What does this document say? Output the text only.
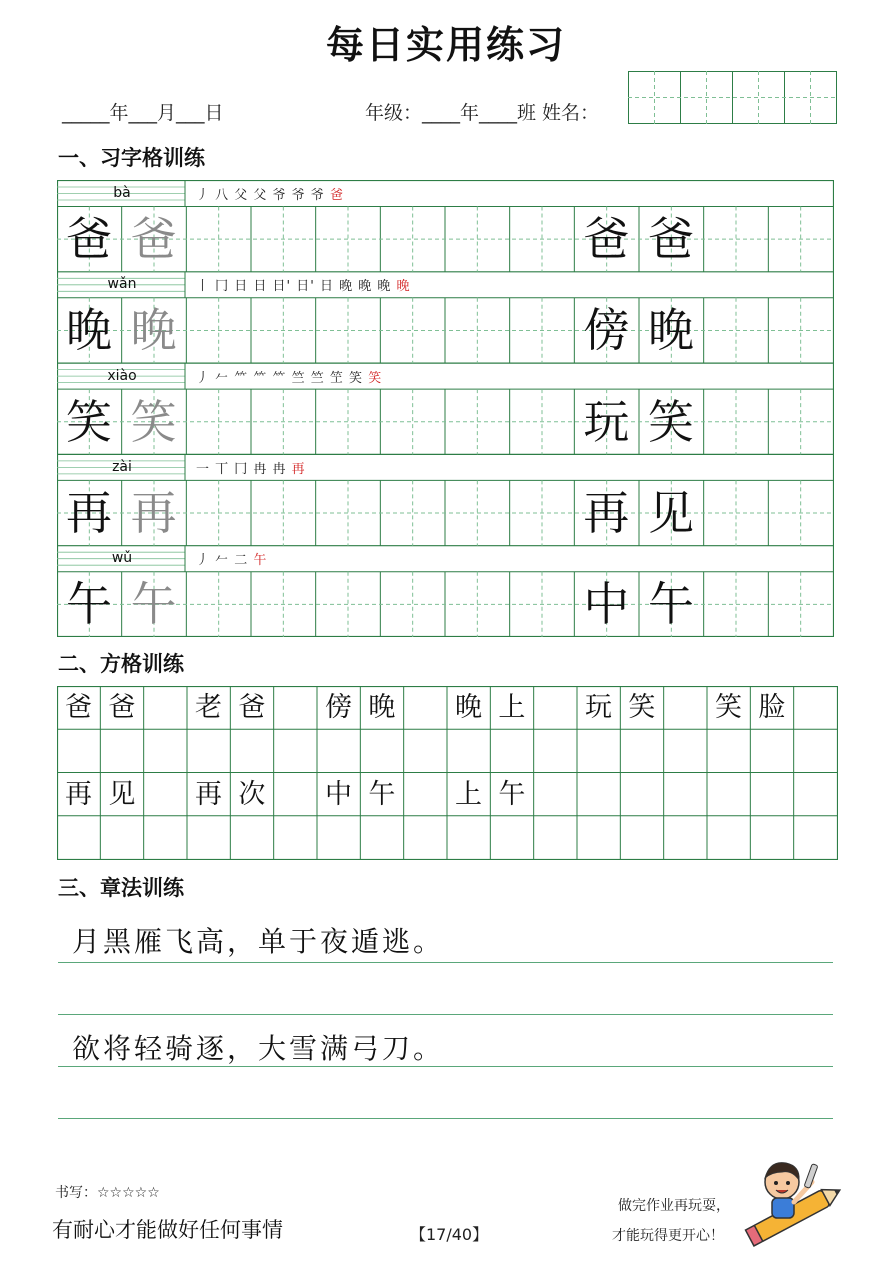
每日实用练习
_____年___月___日	年级：____年____班 姓名：
一、习字格训练
bà	丿 八 父 父 爷 爷 爷 爸
爸 爸	爸 爸
wǎn	丨 冂 日 日 日' 日' 日 晚 晚 晚 晚
晚 晚	傍 晚
xiào	丿 𠂉 ⺮ ⺮ ⺮ 竺 竺 笁 笑 笑
笑 笑	玩 笑
zài	一 丅 冂 冉 冉 再
再 再	再 见
wǔ	丿 𠂉 二 午
午 午	中 午
二、方格训练
爸 爸 老 爸 傍 晚 晚 上 玩 笑 笑 脸
再 见 再 次 中 午 上 午
三、章法训练
月黑雁飞高，单于夜遁逃。
欲将轻骑逐，大雪满弓刀。
书写：☆☆☆☆☆
有耐心才能做好任何事情	【17/40】
做完作业再玩耍，
才能玩得更开心！
